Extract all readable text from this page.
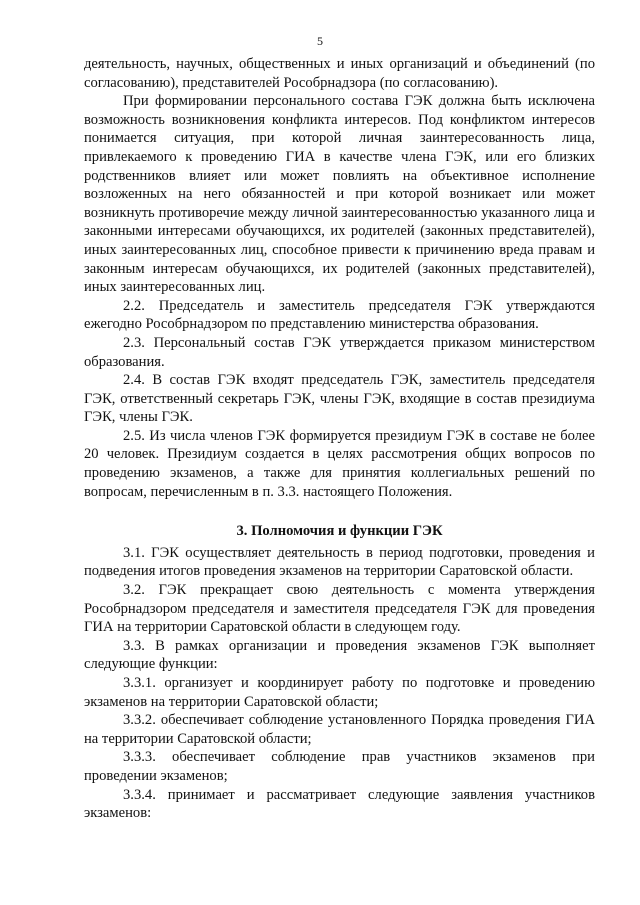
5

деятельность, научных, общественных и иных организаций и объединений (по согласованию), представителей Рособрнадзора (по согласованию).

При формировании персонального состава ГЭК должна быть исключена возможность возникновения конфликта интересов. Под конфликтом интересов понимается ситуация, при которой личная заинтересованность лица, привлекаемого к проведению ГИА в качестве члена ГЭК, или его близких родственников влияет или может повлиять на объективное исполнение возложенных на него обязанностей и при которой возникает или может возникнуть противоречие между личной заинтересованностью указанного лица и законными интересами обучающихся, их родителей (законных представителей), иных заинтересованных лиц, способное привести к причинению вреда правам и законным интересам обучающихся, их родителей (законных представителей), иных заинтересованных лиц.

2.2. Председатель и заместитель председателя ГЭК утверждаются ежегодно Рособрнадзором по представлению министерства образования.

2.3. Персональный состав ГЭК утверждается приказом министерством образования.

2.4. В состав ГЭК входят председатель ГЭК, заместитель председателя ГЭК, ответственный секретарь ГЭК, члены ГЭК, входящие в состав президиума ГЭК, члены ГЭК.

2.5. Из числа членов ГЭК формируется президиум ГЭК в составе не более 20 человек. Президиум создается в целях рассмотрения общих вопросов по проведению экзаменов, а также для принятия коллегиальных решений по вопросам, перечисленным в п. 3.3. настоящего Положения.

3. Полномочия и функции ГЭК

3.1. ГЭК осуществляет деятельность в период подготовки, проведения и подведения итогов проведения экзаменов на территории Саратовской области.

3.2. ГЭК прекращает свою деятельность с момента утверждения Рособрнадзором председателя и заместителя председателя ГЭК для проведения ГИА на территории Саратовской области в следующем году.

3.3. В рамках организации и проведения экзаменов ГЭК выполняет следующие функции:

3.3.1. организует и координирует работу по подготовке и проведению экзаменов на территории Саратовской области;

3.3.2. обеспечивает соблюдение установленного Порядка проведения ГИА на территории Саратовской области;

3.3.3. обеспечивает соблюдение прав участников экзаменов при проведении экзаменов;

3.3.4. принимает и рассматривает следующие заявления участников экзаменов:
